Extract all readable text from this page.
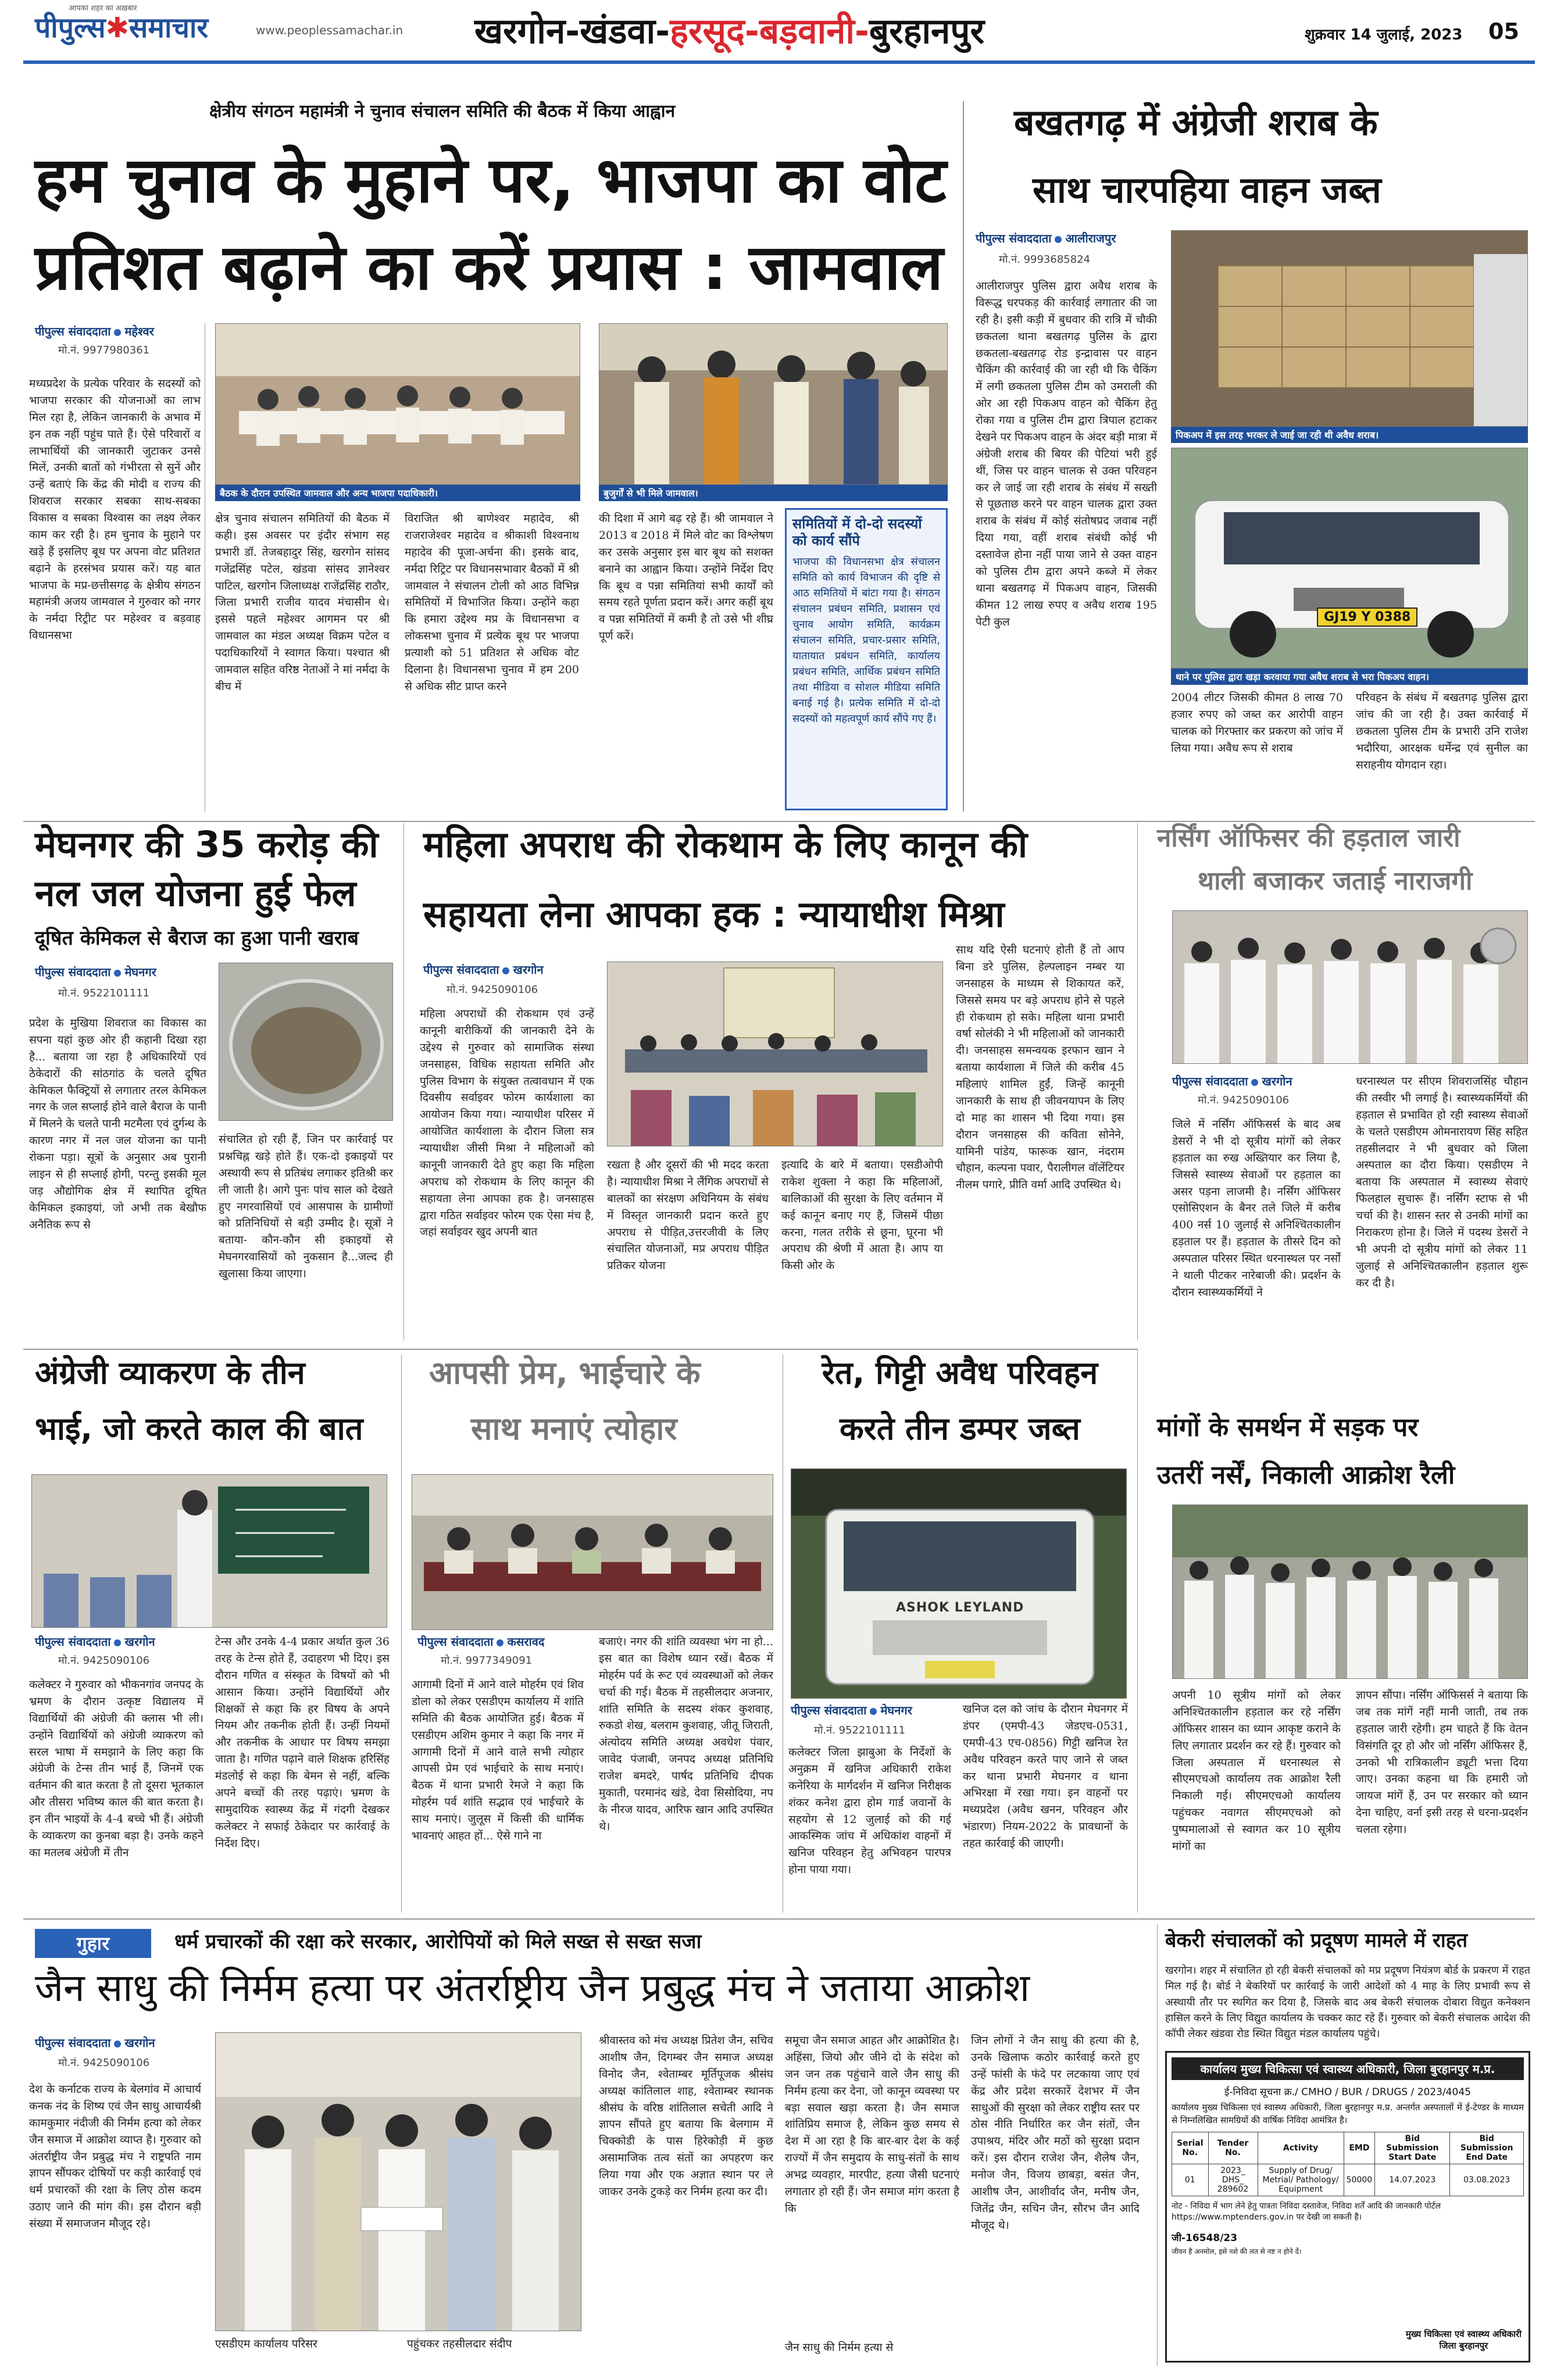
आपका शहर का अख़बार
पीपुल्स✱समाचार	www.peoplessamachar.in खरगोन-खंडवा-हरसूद-बड़वानी-बुरहानपुर	शुक्रवार 14 जुलाई, 2023 05
क्षेत्रीय संगठन महामंत्री ने चुनाव संचालन समिति की बैठक में किया आह्वान
हम चुनाव के मुहाने पर, भाजपा का वोट
प्रतिशत बढ़ाने का करें प्रयास : जामवाल
पीपुल्स संवाददाता महेश्वर
मो.नं. 9977980361
बैठक के दौरान उपस्थित जामवाल और अन्य भाजपा पदाधिकारी।	बुजुर्गों से भी मिले जामवाल।
मध्यप्रदेश के प्रत्येक परिवार के सदस्यों को भाजपा सरकार की योजनाओं का लाभ मिल रहा है, लेकिन जानकारी के अभाव में इन तक नहीं पहुंच पाते हैं। ऐसे परिवारों व लाभार्थियों की जानकारी जुटाकर उनसे मिलें, उनकी बातों को गंभीरता से सुनें और उन्हें बताएं कि केंद्र की मोदी व राज्य की शिवराज सरकार सबका साथ-सबका विकास व सबका विश्वास का लक्ष्य लेकर काम कर रही है। हम चुनाव के मुहाने पर खड़े हैं इसलिए बूथ पर अपना वोट प्रतिशत बढ़ाने के हरसंभव प्रयास करें। यह बात भाजपा के मप्र-छत्तीसगढ़ के क्षेत्रीय संगठन महामंत्री अजय जामवाल ने गुरुवार को नगर के नर्मदा रिट्रीट पर महेश्वर व बड़वाह विधानसभा
क्षेत्र चुनाव संचालन समितियों की बैठक में कही। इस अवसर पर इंदौर संभाग सह प्रभारी डॉ. तेजबहादुर सिंह, खरगोन सांसद गजेंद्रसिंह पटेल, खंडवा सांसद ज्ञानेश्वर पाटिल, खरगोन जिलाध्यक्ष राजेंद्रसिंह राठौर, जिला प्रभारी राजीव यादव मंचासीन थे। इससे पहले महेश्वर आगमन पर श्री जामवाल का मंडल अध्यक्ष विक्रम पटेल व पदाधिकारियों ने स्वागत किया। पश्चात श्री जामवाल सहित वरिष्ठ नेताओं ने मां नर्मदा के बीच में
विराजित श्री बाणेश्वर महादेव, श्री राजराजेश्वर महादेव व श्रीकाशी विश्वनाथ महादेव की पूजा-अर्चना की। इसके बाद, नर्मदा रिट्रिट पर विधानसभावार बैठकों में श्री जामवाल ने संचालन टोली को आठ विभिन्न समितियों में विभाजित किया। उन्होंने कहा कि हमारा उद्देश्य मप्र के विधानसभा व लोकसभा चुनाव में प्रत्येक बूथ पर भाजपा प्रत्याशी को 51 प्रतिशत से अधिक वोट दिलाना है। विधानसभा चुनाव में हम 200 से अधिक सीट प्राप्त करने
की दिशा में आगे बढ़ रहे हैं। श्री जामवाल ने 2013 व 2018 में मिले वोट का विश्लेषण कर उसके अनुसार इस बार बूथ को सशक्त बनाने का आह्वान किया। उन्होंने निर्देश दिए कि बूथ व पन्ना समितियां सभी कार्यों को समय रहते पूर्णता प्रदान करें। अगर कहीं बूथ व पन्ना समितियों में कमी है तो उसे भी शीघ्र पूर्ण करें।
समितियों में दो-दो सदस्यों को कार्य सौंपे
भाजपा की विधानसभा क्षेत्र संचालन समिति को कार्य विभाजन की दृष्टि से आठ समितियों में बांटा गया है। संगठन संचालन प्रबंधन समिति, प्रशासन एवं चुनाव आयोग समिति, कार्यक्रम संचालन समिति, प्रचार-प्रसार समिति, यातायात प्रबंधन समिति, कार्यालय प्रबंधन समिति, आर्थिक प्रबंधन समिति तथा मीडिया व सोशल मीडिया समिति बनाई गई है। प्रत्येक समिति में दो-दो सदस्यों को महत्वपूर्ण कार्य सौंपे गए हैं।
बखतगढ़ में अंग्रेजी शराब के
साथ चारपहिया वाहन जब्त
पीपुल्स संवाददाता आलीराजपुर
मो.नं. 9993685824
पिकअप में इस तरह भरकर ले जाई जा रही थी अवैध शराब।
GJ19 Y 0388
थाने पर पुलिस द्वारा खड़ा करवाया गया अवैध शराब से भरा पिकअप वाहन।
आलीराजपुर पुलिस द्वारा अवैध शराब के विरूद्ध धरपकड़ की कार्रवाई लगातार की जा रही है। इसी कड़ी में बुधवार की रात्रि में चौकी छकतला थाना बखतगढ़ पुलिस के द्वारा छकतला-बखतगढ़ रोड इन्द्रावास पर वाहन चैकिंग की कार्रवाई की जा रही थी कि चैकिंग में लगी छकतला पुलिस टीम को उमराली की ओर आ रही पिकअप वाहन को चैकिंग हेतु रोका गया व पुलिस टीम द्वारा त्रिपाल हटाकर देखने पर पिकअप वाहन के अंदर बड़ी मात्रा में अंग्रेजी शराब की बियर की पेटियां भरी हुई थीं, जिस पर वाहन चालक से उक्त परिवहन कर ले जाई जा रही शराब के संबंध में सख्ती से पूछताछ करने पर वाहन चालक द्वारा उक्त शराब के संबंध में कोई संतोषप्रद जवाब नहीं दिया गया, वहीं शराब संबंधी कोई भी दस्तावेज होना नहीं पाया जाने से उक्त वाहन को पुलिस टीम द्वारा अपने कब्जे में लेकर थाना बखतगढ़ में पिकअप वाहन, जिसकी कीमत 12 लाख रुपए व अवैध शराब 195 पेटी कुल
2004 लीटर जिसकी कीमत 8 लाख 70 हजार रुपए को जब्त कर आरोपी वाहन चालक को गिरफ्तार कर प्रकरण को जांच में लिया गया। अवैध रूप से शराब
परिवहन के संबंध में बखतगढ़ पुलिस द्वारा जांच की जा रही है। उक्त कार्रवाई में छकतला पुलिस टीम के प्रभारी उनि राजेश भदौरिया, आरक्षक धर्मेन्द्र एवं सुनील का सराहनीय योगदान रहा।
मेघनगर की 35 करोड़ की
नल जल योजना हुई फेल
दूषित केमिकल से बैराज का हुआ पानी खराब
पीपुल्स संवाददाता मेघनगर
मो.नं. 9522101111
प्रदेश के मुखिया शिवराज का विकास का सपना यहां कुछ ओर ही कहानी दिखा रहा है... बताया जा रहा है अधिकारियों एवं ठेकेदारों की सांठगांठ के चलते दूषित केमिकल फैक्ट्रियों से लगातार तरल केमिकल नगर के जल सप्लाई होने वाले बैराज के पानी में मिलने के चलते पानी मटमैला एवं दुर्गन्ध के कारण नगर में नल जल योजना का पानी रोकना पड़ा। सूत्रों के अनुसार अब पुरानी लाइन से ही सप्लाई होगी, परन्तु इसकी मूल जड़ औद्योगिक क्षेत्र में स्थापित दूषित केमिकल इकाइयां, जो अभी तक बेखौफ अनैतिक रूप से
संचालित हो रही हैं, जिन पर कार्रवाई पर प्रश्नचिह्न खड़े होते हैं। एक-दो इकाइयों पर अस्थायी रूप से प्रतिबंध लगाकर इतिश्री कर ली जाती है। आगे पुनः पांच साल को देखते हुए नगरवासियों एवं आसपास के ग्रामीणों को प्रतिनिधियों से बड़ी उम्मीद है। सूत्रों ने बताया- कौन-कौन सी इकाइयों से मेघनगरवासियों को नुकसान है...जल्द ही खुलासा किया जाएगा।
महिला अपराध की रोकथाम के लिए कानून की
सहायता लेना आपका हक : न्यायाधीश मिश्रा
पीपुल्स संवाददाता खरगोन
मो.नं. 9425090106
महिला अपराधों की रोकथाम एवं उन्हें कानूनी बारीकियों की जानकारी देने के उद्देश्य से गुरुवार को सामाजिक संस्था जनसाहस, विधिक सहायता समिति और पुलिस विभाग के संयुक्त तत्वावधान में एक दिवसीय सर्वाइवर फोरम कार्यशाला का आयोजन किया गया। न्यायाधीश परिसर में आयोजित कार्यशाला के दौरान जिला सत्र न्यायाधीश जीसी मिश्रा ने महिलाओं को कानूनी जानकारी देते हुए कहा कि महिला अपराध को रोकथाम के लिए कानून की सहायता लेना आपका हक है। जनसाहस द्वारा गठित सर्वाइवर फोरम एक ऐसा मंच है, जहां सर्वाइवर खुद अपनी बात
रखता है और दूसरों की भी मदद करता है। न्यायाधीश मिश्रा ने लैंगिक अपराधों से बालकों का संरक्षण अधिनियम के संबंध में विस्तृत जानकारी प्रदान करते हुए अपराध से पीड़ित,उत्तरजीवी के लिए संचालित योजनाओं, मप्र अपराध पीड़ित प्रतिकर योजना
इत्यादि के बारे में बताया। एसडीओपी राकेश शुक्ला ने कहा कि महिलाओं, बालिकाओं की सुरक्षा के लिए वर्तमान में कई कानून बनाए गए हैं, जिसमें पीछा करना, गलत तरीके से छूना, घूरना भी अपराध की श्रेणी में आता है। आप या किसी ओर के
साथ यदि ऐसी घटनाएं होती हैं तो आप बिना डरे पुलिस, हेल्पलाइन नम्बर या जनसाहस के माध्यम से शिकायत करें, जिससे समय पर बड़े अपराध होने से पहले ही रोकथाम हो सके। महिला थाना प्रभारी वर्षा सोलंकी ने भी महिलाओं को जानकारी दी। जनसाहस समन्वयक इरफान खान ने बताया कार्यशाला में जिले की करीब 45 महिलाएं शामिल हुईं, जिन्हें कानूनी जानकारी के साथ ही जीवनयापन के लिए दो माह का शासन भी दिया गया। इस दौरान जनसाहस की कविता सोनेने, यामिनी पांडेय, फारूक खान, नंदराम चौहान, कल्पना पवार, पैरालीगल वॉलेंटियर नीलम पगारे, प्रीति वर्मा आदि उपस्थित थे।
नर्सिंग ऑफिसर की हड़ताल जारी
थाली बजाकर जताई नाराजगी
पीपुल्स संवाददाता खरगोन
मो.नं. 9425090106
जिले में नर्सिंग ऑफिसर्स के बाद अब डेसरों ने भी दो सूत्रीय मांगों को लेकर हड़ताल का रुख अख्तियार कर लिया है, जिससे स्वास्थ्य सेवाओं पर हड़ताल का असर पड़ना लाजमी है। नर्सिंग ऑफिसर एसोसिएशन के बैनर तले जिले में करीब 400 नर्स 10 जुलाई से अनिश्चितकालीन हड़ताल पर हैं। हड़ताल के तीसरे दिन को अस्पताल परिसर स्थित धरनास्थल पर नर्सों ने थाली पीटकर नारेबाजी की। प्रदर्शन के दौरान स्वास्थ्यकर्मियों ने
धरनास्थल पर सीएम शिवराजसिंह चौहान की तस्वीर भी लगाई है। स्वास्थ्यकर्मियों की हड़ताल से प्रभावित हो रही स्वास्थ्य सेवाओं के चलते एसडीएम ओमनारायण सिंह सहित तहसीलदार ने भी बुधवार को जिला अस्पताल का दौरा किया। एसडीएम ने बताया कि अस्पताल में स्वास्थ्य सेवाएं फिलहाल सुचारू हैं। नर्सिंग स्टाफ से भी चर्चा की है। शासन स्तर से उनकी मांगों का निराकरण होना है। जिले में पदस्थ डेसरों ने भी अपनी दो सूत्रीय मांगों को लेकर 11 जुलाई से अनिश्चितकालीन हड़ताल शुरू कर दी है।
अंग्रेजी व्याकरण के तीन
भाई, जो करते काल की बात
पीपुल्स संवाददाता खरगोन
मो.नं. 9425090106
कलेक्टर ने गुरुवार को भीकनगांव जनपद के भ्रमण के दौरान उत्कृष्ट विद्यालय में विद्यार्थियों की अंग्रेजी की क्लास भी ली। उन्होंने विद्यार्थियों को अंग्रेजी व्याकरण को सरल भाषा में समझाने के लिए कहा कि अंग्रेजी के टेन्स तीन भाई हैं, जिनमें एक वर्तमान की बात करता है तो दूसरा भूतकाल और तीसरा भविष्य काल की बात करता है। इन तीन भाइयों के 4-4 बच्चे भी हैं। अंग्रेजी के व्याकरण का कुनबा बड़ा है। उनके कहने का मतलब अंग्रेजी में तीन
टेन्स और उनके 4-4 प्रकार अर्थात कुल 36 तरह के टेन्स होते हैं, उदाहरण भी दिए। इस दौरान गणित व संस्कृत के विषयों को भी आसान किया। उन्होंने विद्यार्थियों और शिक्षकों से कहा कि हर विषय के अपने नियम और तकनीक होती हैं। उन्हीं नियमों और तकनीक के आधार पर विषय समझा जाता है। गणित पढ़ाने वाले शिक्षक हरिसिंह मंडलोई से कहा कि बेमन से नहीं, बल्कि अपने बच्चों की तरह पढ़ाएं। भ्रमण के सामुदायिक स्वास्थ्य केंद्र में गंदगी देखकर कलेक्टर ने सफाई ठेकेदार पर कार्रवाई के निर्देश दिए।
आपसी प्रेम, भाईचारे के
साथ मनाएं त्योहार
पीपुल्स संवाददाता कसरावद
मो.नं. 9977349091
आगामी दिनों में आने वाले मोहर्रम एवं शिव डोला को लेकर एसडीएम कार्यालय में शांति समिति की बैठक आयोजित हुई। बैठक में एसडीएम अशिम कुमार ने कहा कि नगर में आगामी दिनों में आने वाले सभी त्योहार आपसी प्रेम एवं भाईचारे के साथ मनाएं। बैठक में थाना प्रभारी रेमजे ने कहा कि मोहर्रम पर्व शांति सद्भाव एवं भाईचारे के साथ मनाएं। जुलूस में किसी की धार्मिक भावनाएं आहत हों... ऐसे गाने ना
बजाएं। नगर की शांति व्यवस्था भंग ना हो... इस बात का विशेष ध्यान रखें। बैठक में मोहर्रम पर्व के रूट एवं व्यवस्थाओं को लेकर चर्चा की गई। बैठक में तहसीलदार अजनार, शांति समिति के सदस्य शंकर कुशवाह, रुकडो शेख, बलराम कुशवाह, जीतू जिराती, अंत्योदय समिति अध्यक्ष अवधेश पंवार, जावेद पंजाबी, जनपद अध्यक्ष प्रतिनिधि राजेश बमदरे, पार्षद प्रतिनिधि दीपक मुकाती, परमानंद खंडे, देवा सिसोदिया, नप के नीरज यादव, आरिफ खान आदि उपस्थित थे।
रेत, गिट्टी अवैध परिवहन
करते तीन डम्पर जब्त
ASHOK LEYLAND
पीपुल्स संवाददाता मेघनगर
मो.नं. 9522101111
कलेक्टर जिला झाबुआ के निर्देशों के अनुक्रम में खनिज अधिकारी राकेश कनेरिया के मार्गदर्शन में खनिज निरीक्षक शंकर कनेश द्वारा होम गार्ड जवानों के सहयोग से 12 जुलाई को की गई आकस्मिक जांच में अधिकांश वाहनों में खनिज परिवहन हेतु अभिवहन पारपत्र होना पाया गया।
खनिज दल को जांच के दौरान मेघनगर में डंपर (एमपी-43 जेडएच-0531, एमपी-43 एच-0856) गिट्टी खनिज रेत अवैध परिवहन करते पाए जाने से जब्त कर थाना प्रभारी मेघनगर व थाना अभिरक्षा में रखा गया। इन वाहनों पर मध्यप्रदेश (अवैध खनन, परिवहन और भंडारण) नियम-2022 के प्रावधानों के तहत कार्रवाई की जाएगी।
मांगों के समर्थन में सड़क पर
उतरीं नर्सें, निकाली आक्रोश रैली
अपनी 10 सूत्रीय मांगों को लेकर अनिश्चितकालीन हड़ताल कर रहे नर्सिंग ऑफिसर शासन का ध्यान आकृष्ट कराने के लिए लगातार प्रदर्शन कर रहे हैं। गुरुवार को जिला अस्पताल में धरनास्थल से सीएमएचओ कार्यालय तक आक्रोश रैली निकाली गई। सीएमएचओ कार्यालय पहुंचकर नवागत सीएमएचओ को पुष्पमालाओं से स्वागत कर 10 सूत्रीय मांगों का
ज्ञापन सौंपा। नर्सिंग ऑफिसर्स ने बताया कि जब तक मांगें नहीं मानी जाती, तब तक हड़ताल जारी रहेगी। हम चाहते हैं कि वेतन विसंगति दूर हो और जो नर्सिंग ऑफिसर हैं, उनको भी रात्रिकालीन ड्यूटी भत्ता दिया जाए। उनका कहना था कि हमारी जो जायज मांगें हैं, उन पर सरकार को ध्यान देना चाहिए, वर्ना इसी तरह से धरना-प्रदर्शन चलता रहेगा।
गुहार	धर्म प्रचारकों की रक्षा करे सरकार, आरोपियों को मिले सख्त से सख्त सजा
जैन साधु की निर्मम हत्या पर अंतर्राष्ट्रीय जैन प्रबुद्ध मंच ने जताया आक्रोश
पीपुल्स संवाददाता खरगोन
मो.नं. 9425090106
देश के कर्नाटक राज्य के बेलगांव में आचार्य कनक नंद के शिष्य एवं जैन साधु आचार्यश्री कामकुमार नंदीजी की निर्मम हत्या को लेकर जैन समाज में आक्रोश व्याप्त है। गुरुवार को अंतर्राष्ट्रीय जैन प्रबुद्ध मंच ने राष्ट्रपति नाम ज्ञापन सौंपकर दोषियों पर कड़ी कार्रवाई एवं धर्म प्रचारकों की रक्षा के लिए ठोस कदम उठाए जाने की मांग की। इस दौरान बड़ी संख्या में समाजजन मौजूद रहे।
एसडीएम कार्यालय परिसर	पहुंचकर तहसीलदार संदीप
श्रीवास्तव को मंच अध्यक्ष प्रितेश जैन, सचिव आशीष जैन, दिगम्बर जैन समाज अध्यक्ष विनोद जैन, श्वेताम्बर मूर्तिपूजक श्रीसंघ अध्यक्ष कांतिलाल शाह, श्वेताम्बर स्थानक श्रीसंघ के वरिष्ठ शांतिलाल सचेती आदि ने ज्ञापन सौंपते हुए बताया कि बेलगाम में चिक्कोडी के पास हिरेकोड़ी में कुछ असामाजिक तत्व संतों का अपहरण कर लिया गया और एक अज्ञात स्थान पर ले जाकर उनके टुकड़े कर निर्मम हत्या कर दी।
समूचा जैन समाज आहत और आक्रोशित है। अहिंसा, जियो और जीने दो के संदेश को जन जन तक पहुंचाने वाले जैन साधु की निर्मम हत्या कर देना, जो कानून व्यवस्था पर बड़ा सवाल खड़ा करता है। जैन समाज शांतिप्रिय समाज है, लेकिन कुछ समय से देश में आ रहा है कि बार-बार देश के कई राज्यों में जैन समुदाय के साधु-संतों के साथ अभद्र व्यवहार, मारपीट, हत्या जैसी घटनाएं लगातार हो रही हैं। जैन समाज मांग करता है कि
जैन साधु की निर्मम हत्या से
जिन लोगों ने जैन साधु की हत्या की है, उनके खिलाफ कठोर कार्रवाई करते हुए उन्हें फांसी के फंदे पर लटकाया जाए एवं केंद्र और प्रदेश सरकारें देशभर में जैन साधुओं की सुरक्षा को लेकर राष्ट्रीय स्तर पर ठोस नीति निर्धारित कर जैन संतों, जैन उपाश्रय, मंदिर और मठों को सुरक्षा प्रदान करें। इस दौरान राजेश जैन, शैलेष जैन, मनोज जैन, विजय छाबड़ा, बसंत जैन, आशीष जैन, आशीर्वाद जैन, मनीष जैन, जितेंद्र जैन, सचिन जैन, सौरभ जैन आदि मौजूद थे।
बेकरी संचालकों को प्रदूषण मामले में राहत
खरगोन। शहर में संचालित हो रही बेकरी संचालकों को मप्र प्रदूषण नियंत्रण बोर्ड के प्रकरण में राहत मिल गई है। बोर्ड ने बेकरियों पर कार्रवाई के जारी आदेशों को 4 माह के लिए प्रभावी रूप से अस्थायी तौर पर स्थगित कर दिया है, जिसके बाद अब बेकरी संचालक दोबारा विद्युत कनेक्शन हासिल करने के लिए विद्युत कार्यालय के चक्कर काट रहे हैं। गुरुवार को बेकरी संचालक आदेश की कॉपी लेकर खंडवा रोड स्थित विद्युत मंडल कार्यालय पहुंचे।
कार्यालय मुख्य चिकित्सा एवं स्वास्थ्य अधिकारी, जिला बुरहानपुर म.प्र.
ई-निविदा सूचना क्र./ CMHO / BUR / DRUGS / 2023/4045
कार्यालय मुख्य चिकित्सा एवं स्वास्थ्य अधिकारी, जिला बुरहानपुर म.प्र. अन्तर्गत अस्पतालों में ई-टेण्डर के माध्यम से निम्नलिखित सामग्रियों की वार्षिक निविदा आमंत्रित है।
Serial No.	Tender No.	Activity	EMD	Bid Submission Start Date	Bid Submission End Date
01	2023_ DHS_ 289602	Supply of Drug/ Metrial/ Pathology/ Equipment	50000	14.07.2023	03.08.2023
नोट - निविदा में भाग लेने हेतु पात्रता निविदा दस्तावेज, निविदा शर्तें आदि की जानकारी पोर्टल https://www.mptenders.gov.in पर देखी जा सकती है।
जी-16548/23
जीवन है अनमोल, इसे नशे की लत से नष्ट न होने दें।
मुख्य चिकित्सा एवं स्वास्थ्य अधिकारी
जिला बुरहानपुर
